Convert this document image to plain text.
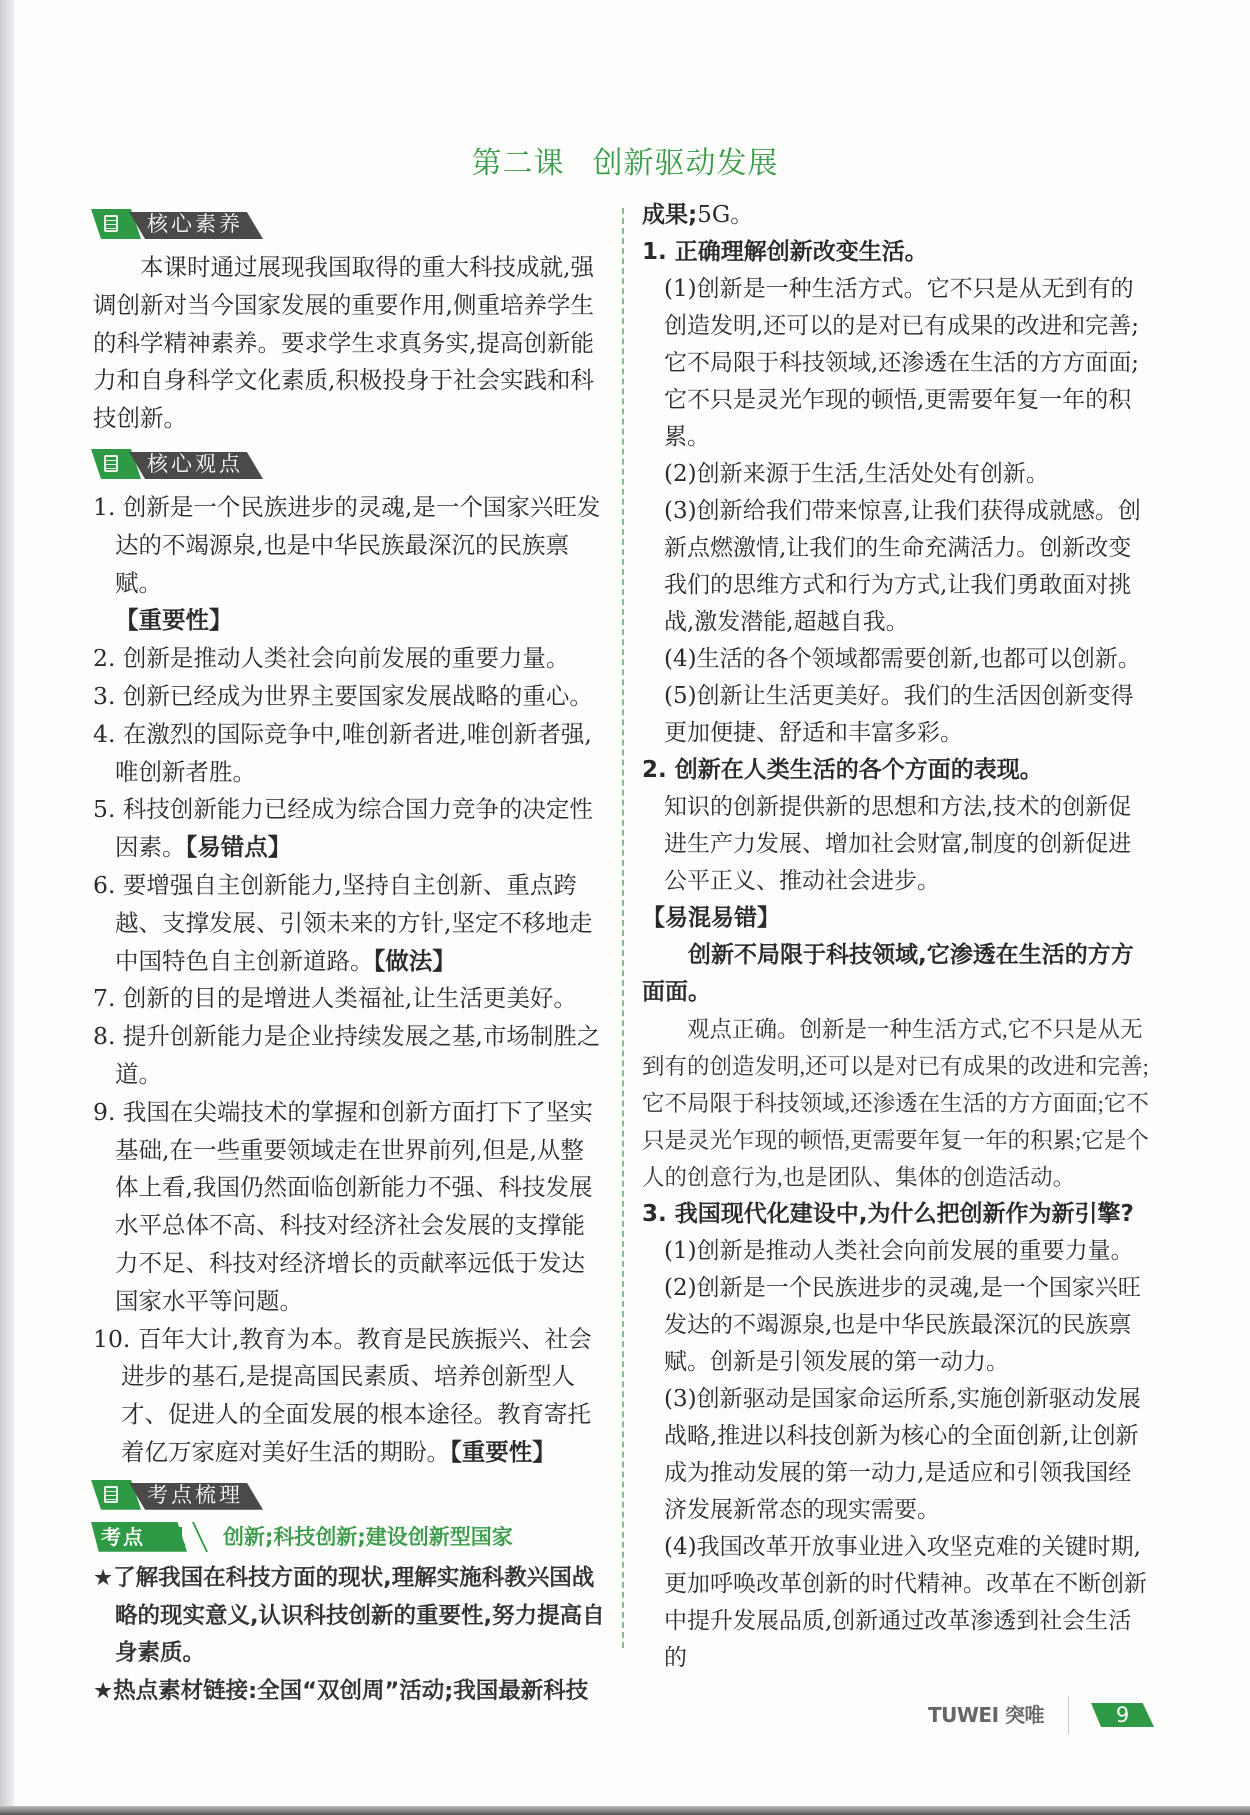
第二课 创新驱动发展
核心素养
本课时通过展现我国取得的重大科技成就,强调创新对当今国家发展的重要作用,侧重培养学生的科学精神素养。要求学生求真务实,提高创新能力和自身科学文化素质,积极投身于社会实践和科技创新。
核心观点
1. 创新是一个民族进步的灵魂,是一个国家兴旺发达的不竭源泉,也是中华民族最深沉的民族禀赋。
【重要性】
2. 创新是推动人类社会向前发展的重要力量。
3. 创新已经成为世界主要国家发展战略的重心。
4. 在激烈的国际竞争中,唯创新者进,唯创新者强,唯创新者胜。
5. 科技创新能力已经成为综合国力竞争的决定性因素。【易错点】
6. 要增强自主创新能力,坚持自主创新、重点跨越、支撑发展、引领未来的方针,坚定不移地走中国特色自主创新道路。【做法】
7. 创新的目的是增进人类福祉,让生活更美好。
8. 提升创新能力是企业持续发展之基,市场制胜之道。
9. 我国在尖端技术的掌握和创新方面打下了坚实基础,在一些重要领域走在世界前列,但是,从整体上看,我国仍然面临创新能力不强、科技发展水平总体不高、科技对经济社会发展的支撑能力不足、科技对经济增长的贡献率远低于发达国家水平等问题。
10. 百年大计,教育为本。教育是民族振兴、社会进步的基石,是提高国民素质、培养创新型人才、促进人的全面发展的根本途径。教育寄托着亿万家庭对美好生活的期盼。【重要性】
考点梳理
考点 1 创新;科技创新;建设创新型国家
★了解我国在科技方面的现状,理解实施科教兴国战略的现实意义,认识科技创新的重要性,努力提高自身素质。
★热点素材链接:全国“双创周”活动;我国最新科技
成果;5G。
1. 正确理解创新改变生活。
(1)创新是一种生活方式。它不只是从无到有的创造发明,还可以的是对已有成果的改进和完善;它不局限于科技领域,还渗透在生活的方方面面;它不只是灵光乍现的顿悟,更需要年复一年的积累。
(2)创新来源于生活,生活处处有创新。
(3)创新给我们带来惊喜,让我们获得成就感。创新点燃激情,让我们的生命充满活力。创新改变我们的思维方式和行为方式,让我们勇敢面对挑战,激发潜能,超越自我。
(4)生活的各个领域都需要创新,也都可以创新。
(5)创新让生活更美好。我们的生活因创新变得更加便捷、舒适和丰富多彩。
2. 创新在人类生活的各个方面的表现。
知识的创新提供新的思想和方法,技术的创新促进生产力发展、增加社会财富,制度的创新促进公平正义、推动社会进步。
【易混易错】
创新不局限于科技领域,它渗透在生活的方方面面。
观点正确。创新是一种生活方式,它不只是从无到有的创造发明,还可以是对已有成果的改进和完善;它不局限于科技领域,还渗透在生活的方方面面;它不只是灵光乍现的顿悟,更需要年复一年的积累;它是个人的创意行为,也是团队、集体的创造活动。
3. 我国现代化建设中,为什么把创新作为新引擎?
(1)创新是推动人类社会向前发展的重要力量。
(2)创新是一个民族进步的灵魂,是一个国家兴旺发达的不竭源泉,也是中华民族最深沉的民族禀赋。创新是引领发展的第一动力。
(3)创新驱动是国家命运所系,实施创新驱动发展战略,推进以科技创新为核心的全面创新,让创新成为推动发展的第一动力,是适应和引领我国经济发展新常态的现实需要。
(4)我国改革开放事业进入攻坚克难的关键时期,更加呼唤改革创新的时代精神。改革在不断创新中提升发展品质,创新通过改革渗透到社会生活的
TUWEI 突唯	9
